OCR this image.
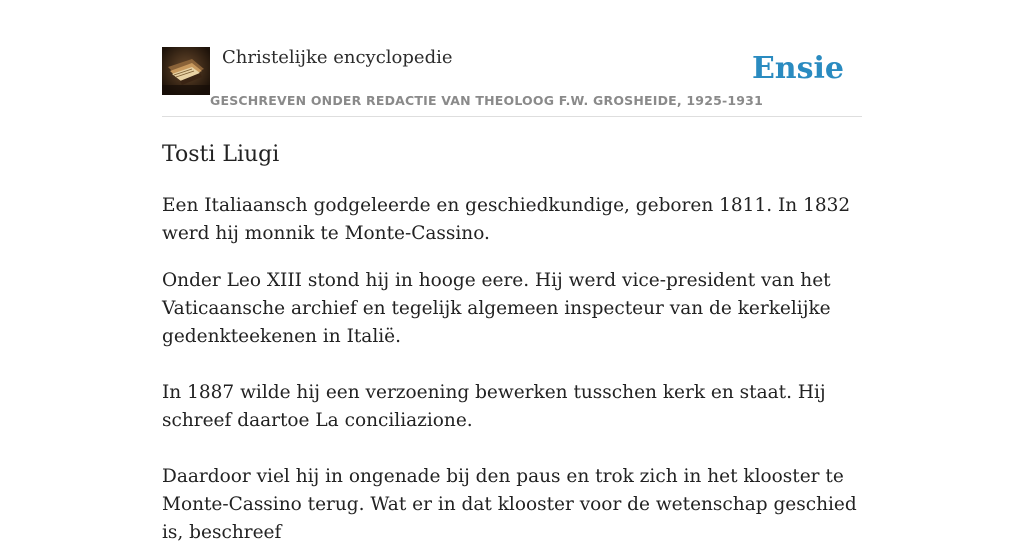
Christelijke encyclopedie
GESCHREVEN ONDER REDACTIE VAN THEOLOOG F.W. GROSHEIDE, 1925-1931
Ensie
Tosti Liugi

Een Italiaansch godgeleerde en geschiedkundige, geboren 1811. In 1832 werd hij monnik te Monte-Cassino.

Onder Leo XIII stond hij in hooge eere. Hij werd vice-president van het Vaticaansche archief en tegelijk algemeen inspecteur van de kerkelijke gedenkteekenen in Italië.

In 1887 wilde hij een verzoening bewerken tusschen kerk en staat. Hij schreef daartoe La conciliazione.

Daardoor viel hij in ongenade bij den paus en trok zich in het klooster te Monte-Cassino terug. Wat er in dat klooster voor de wetenschap geschied is, beschreef
